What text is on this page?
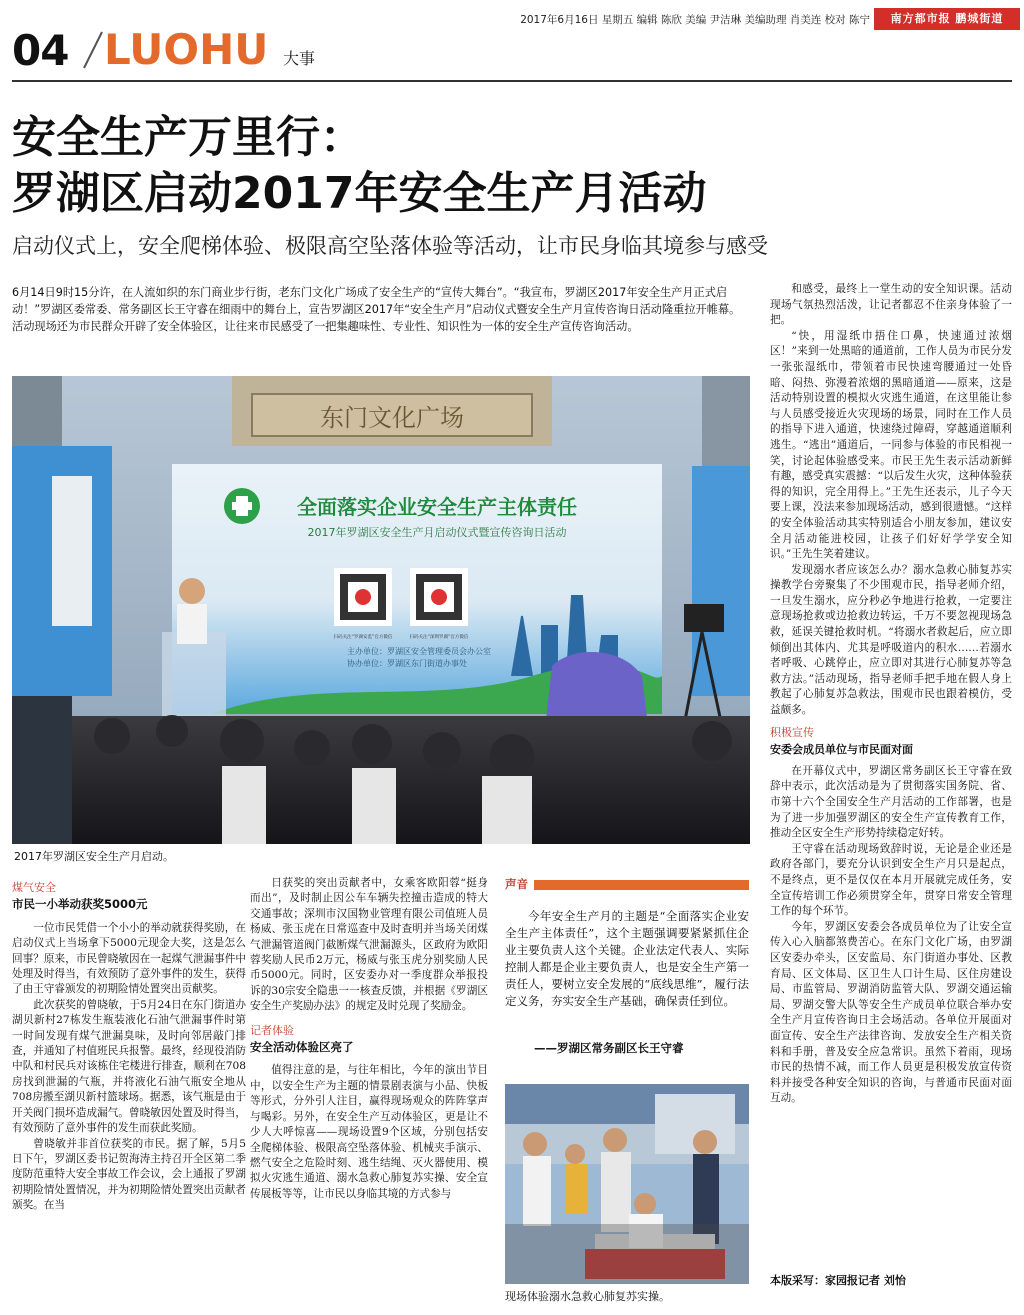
2017年6月16日 星期五 编辑 陈欣 美编 尹洁琳 美编助理 肖美连 校对 陈宁	南方都市报 鹏城街道
04 LUOHU 大事
安全生产万里行：
罗湖区启动2017年安全生产月活动
启动仪式上，安全爬梯体验、极限高空坠落体验等活动，让市民身临其境参与感受
6月14日9时15分许，在人流如织的东门商业步行街，老东门文化广场成了安全生产的“宣传大舞台”。“我宣布，罗湖区2017年安全生产月正式启动！”罗湖区委常委、常务副区长王守睿在细雨中的舞台上，宣告罗湖区2017年“安全生产月”启动仪式暨安全生产月宣传咨询日活动隆重拉开帷幕。活动现场还为市民群众开辟了安全体验区，让往来市民感受了一把集趣味性、专业性、知识性为一体的安全生产宣传咨询活动。
东门文化广场
全面落实企业安全生产主体责任
2017年罗湖区安全生产月启动仪式暨宣传咨询日活动
扫码关注“罗湖安监”官方微信	扫码关注“深圳罗湖”官方微信
主办单位：罗湖区安全管理委员会办公室
协办单位：罗湖区东门街道办事处
2017年罗湖区安全生产月启动。

和感受，最终上一堂生动的安全知识课。活动现场气氛热烈活泼，让记者都忍不住亲身体验了一把。

“快，用湿纸巾捂住口鼻，快速通过浓烟区！”来到一处黑暗的通道前，工作人员为市民分发一张张湿纸巾，带领着市民快速弯腰通过一处昏暗、闷热、弥漫着浓烟的黑暗通道——原来，这是活动特别设置的模拟火灾逃生通道，在这里能让参与人员感受接近火灾现场的场景，同时在工作人员的指导下进入通道，快速绕过障碍，穿越通道顺利逃生。“逃出”通道后，一同参与体验的市民相视一笑，讨论起体验感受来。市民王先生表示活动新鲜有趣，感受真实震撼：“以后发生火灾，这种体验获得的知识，完全用得上。”王先生还表示，儿子今天要上课，没法来参加现场活动，感到很遗憾。“这样的安全体验活动其实特别适合小朋友参加，建议安全月活动能进校园，让孩子们好好学学安全知识。”王先生笑着建议。

发现溺水者应该怎么办？溺水急救心肺复苏实操教学台旁聚集了不少围观市民，指导老师介绍，一旦发生溺水，应分秒必争地进行抢救，一定要注意现场抢救或边抢救边转运，千万不要忽视现场急救，延误关键抢救时机。“将溺水者救起后，应立即倾倒出其体内、尤其是呼吸道内的积水……若溺水者呼吸、心跳停止，应立即对其进行心肺复苏等急救方法。”活动现场，指导老师手把手地在假人身上教起了心肺复苏急救法，围观市民也跟着模仿，受益颇多。

积极宣传
安委会成员单位与市民面对面

在开幕仪式中，罗湖区常务副区长王守睿在致辞中表示，此次活动是为了贯彻落实国务院、省、市第十六个全国安全生产月活动的工作部署，也是为了进一步加强罗湖区的安全生产宣传教育工作，推动全区安全生产形势持续稳定好转。

王守睿在活动现场致辞时说，无论是企业还是政府各部门，要充分认识到安全生产月只是起点，不是终点，更不是仅仅在本月开展就完成任务，安全宣传培训工作必须贯穿全年，贯穿日常安全管理工作的每个环节。

今年，罗湖区安委会各成员单位为了让安全宣传入心入脑都煞费苦心。在东门文化广场，由罗湖区安委办牵头，区安监局、东门街道办事处、区教育局、区文体局、区卫生人口计生局、区住房建设局、市监管局、罗湖消防监管大队、罗湖交通运输局、罗湖交警大队等安全生产成员单位联合举办安全生产月宣传咨询日主会场活动。各单位开展面对面宣传、安全生产法律咨询、发放安全生产相关资料和手册，普及安全应急常识。虽然下着雨，现场市民的热情不减，而工作人员更是积极发放宣传资料并接受各种安全知识的咨询，与普通市民面对面互动。

煤气安全
市民一小举动获奖5000元

一位市民凭借一个小小的举动就获得奖励，在启动仪式上当场拿下5000元现金大奖，这是怎么回事？原来，市民曾晓敏因在一起煤气泄漏事件中处理及时得当，有效预防了意外事件的发生，获得了由王守睿颁发的初期险情处置突出贡献奖。

此次获奖的曾晓敏，于5月24日在东门街道办湖贝新村27栋发生瓶装液化石油气泄漏事件时第一时间发现有煤气泄漏臭味，及时向邻居敲门排查，并通知了村值班民兵报警。最终，经现役消防中队和村民兵对该栋住宅楼进行排查，顺利在708房找到泄漏的气瓶，并将液化石油气瓶安全地从708房搬至湖贝新村篮球场。据悉，该气瓶是由于开关阀门损坏造成漏气。曾晓敏因处置及时得当，有效预防了意外事件的发生而获此奖励。

曾晓敏并非首位获奖的市民。据了解，5月5日下午，罗湖区委书记贺海涛主持召开全区第二季度防范重特大安全事故工作会议，会上通报了罗湖初期险情处置情况，并为初期险情处置突出贡献者颁奖。在当

日获奖的突出贡献者中，女乘客欧阳蓉“挺身而出”，及时制止因公车车辆失控撞击造成的特大交通事故；深圳市汉国物业管理有限公司值班人员杨威、张玉虎在日常巡查中及时查明并当场关闭煤气泄漏管道阀门截断煤气泄漏源头，区政府为欧阳蓉奖励人民币2万元，杨威与张玉虎分别奖励人民币5000元。同时，区安委办对一季度群众举报投诉的30宗安全隐患一一核查反馈，并根据《罗湖区安全生产奖励办法》的规定及时兑现了奖励金。

记者体验
安全活动体验区亮了

值得注意的是，与往年相比，今年的演出节目中，以安全生产为主题的情景剧表演与小品、快板等形式，分外引人注目，赢得现场观众的阵阵掌声与喝彩。另外，在安全生产互动体验区，更是让不少人大呼惊喜——现场设置9个区域，分别包括安全爬梯体验、极限高空坠落体验、机械夹手演示、燃气安全之危险时刻、逃生结绳、灭火器使用、模拟火灾逃生通道、溺水急救心肺复苏实操、安全宣传展板等等，让市民以身临其境的方式参与

声音

今年安全生产月的主题是“全面落实企业安全生产主体责任”，这个主题强调要紧紧抓住企业主要负责人这个关键。企业法定代表人、实际控制人都是企业主要负责人，也是安全生产第一责任人，要树立安全发展的“底线思维”，履行法定义务，夯实安全生产基础，确保责任到位。

——罗湖区常务副区长王守睿
现场体验溺水急救心肺复苏实操。
本版采写：家园报记者 刘怡
